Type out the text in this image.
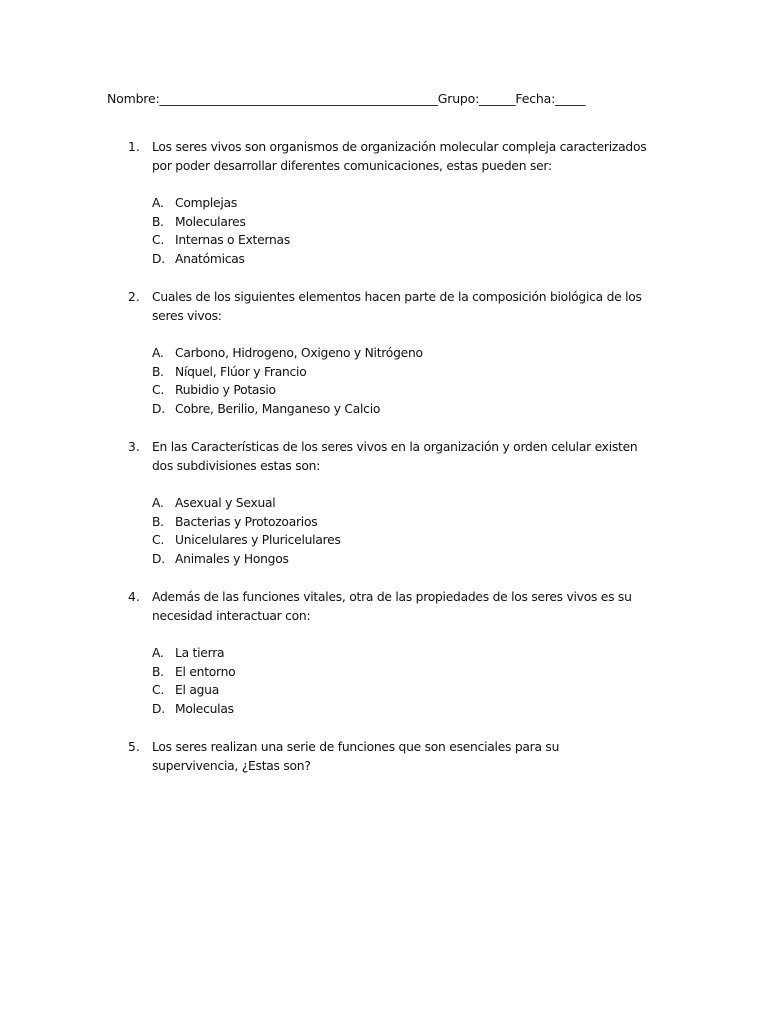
Nombre:______________________________________________Grupo:______Fecha:_____
1. Los seres vivos son organismos de organización molecular compleja caracterizados por poder desarrollar diferentes comunicaciones, estas pueden ser:
A. Complejas
B. Moleculares
C. Internas o Externas
D. Anatómicas
2. Cuales de los siguientes elementos hacen parte de la composición biológica de los seres vivos:
A. Carbono, Hidrogeno, Oxigeno y Nitrógeno
B. Níquel, Flúor y Francio
C. Rubidio y Potasio
D. Cobre, Berilio, Manganeso y Calcio
3. En las Características de los seres vivos en la organización y orden celular existen dos subdivisiones estas son:
A. Asexual y Sexual
B. Bacterias y Protozoarios
C. Unicelulares y Pluricelulares
D. Animales y Hongos
4. Además de las funciones vitales, otra de las propiedades de los seres vivos es su necesidad interactuar con:
A. La tierra
B. El entorno
C. El agua
D. Moleculas
5. Los seres realizan una serie de funciones que son esenciales para su supervivencia, ¿Estas son?
